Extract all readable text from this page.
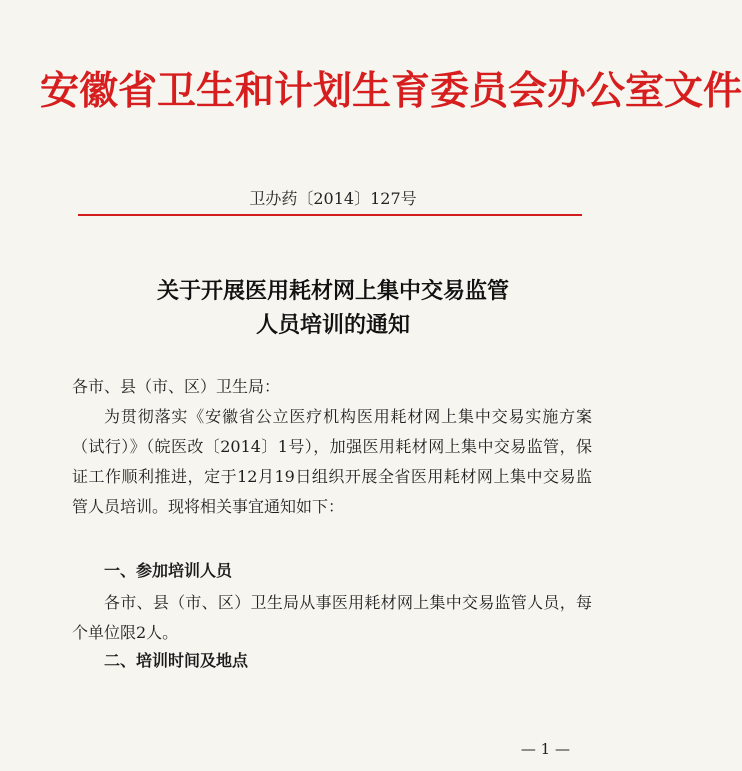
安徽省卫生和计划生育委员会办公室文件
卫办药〔2014〕127号
关于开展医用耗材网上集中交易监管
人员培训的通知
各市、县（市、区）卫生局：
为贯彻落实《安徽省公立医疗机构医用耗材网上集中交易实施方案（试行）》（皖医改〔2014〕1号），加强医用耗材网上集中交易监管，保证工作顺利推进，定于12月19日组织开展全省医用耗材网上集中交易监管人员培训。现将相关事宜通知如下：
一、参加培训人员
各市、县（市、区）卫生局从事医用耗材网上集中交易监管人员，每个单位限2人。
二、培训时间及地点
— 1 —
